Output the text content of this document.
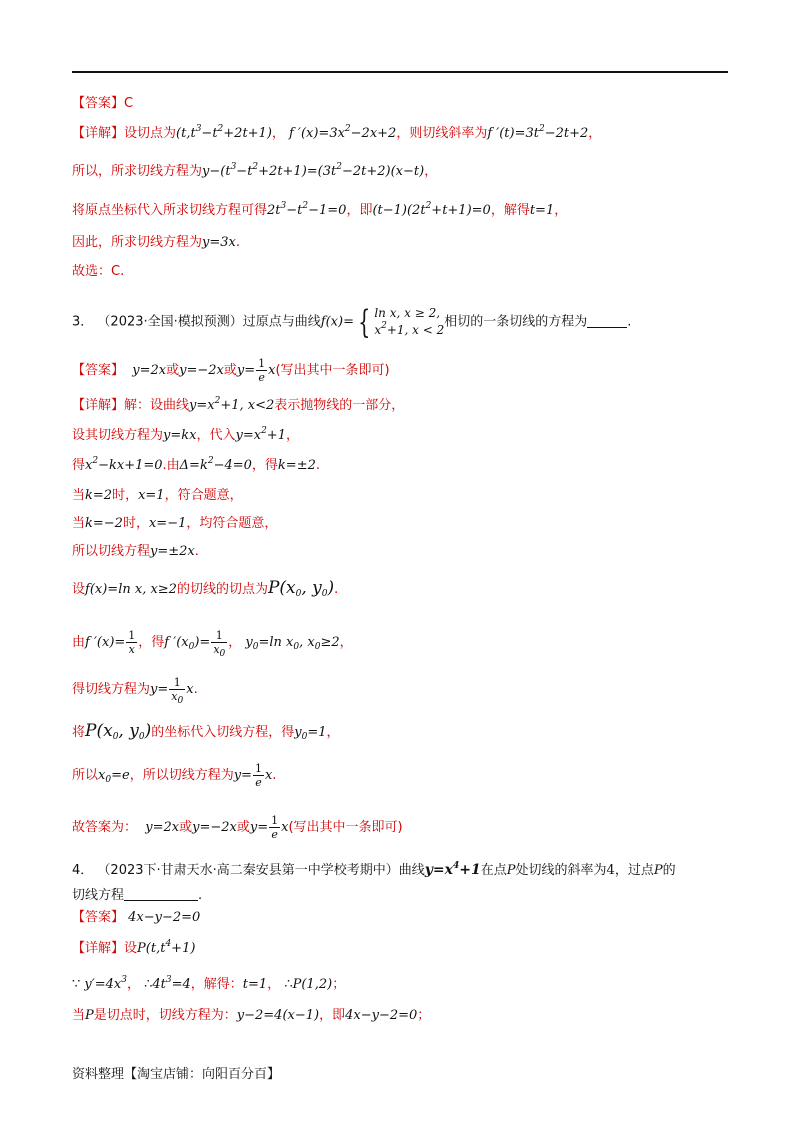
【答案】C
【详解】设切点为$(t,t^3-t^2+2t+1)$， f $'(x)=3x^2-2x+2$，则切线斜率为f $'(t)=3t^2-2t+2$，
所以，所求切线方程为$y-(t^3-t^2+2t+1)=(3t^2-2t+2)(x-t)$，
将原点坐标代入所求切线方程可得$2t^3-t^2-1=0$，即$(t-1)(2t^2+t+1)=0$，解得t=1，
因此，所求切线方程为y=3x.
故选：C.
3． （2023·全国·模拟预测）过原点与曲线f(x)= { ln x, x ≥ 2,
$x^2+1$, x < 2相切的一条切线的方程为	.
【答案】 y=2x或y=−2x或$y= \frac{1}{e} x$(写出其中一条即可)
【详解】解：设曲线$y=x^2+1$, x<2表示抛物线的一部分，
设其切线方程为y=kx，代入$y=x^2+1$，
得$x^2-kx+1=0$.由$\Delta=k^2-4=0$，得k=±2.
当k=2时，x=1，符合题意，
当k=−2时，x=−1，均符合题意，
所以切线方程y=±2x.
设f(x)=ln x, x≥2的切线的切点为$P(x_0$, $y_0$).
由f $'(x)= \frac{1}{x}$ ，得f $'(x_0)= \frac{1}{x_0}$ ， $y_0=\ln$ $x_0$, $x_0\ge 2$，
得切线方程为$y= \frac{1}{x_0} x$.
将$P(x_0$, $y_0$)的坐标代入切线方程，得$y_0=1$，
所以$x_0=e$，所以切线方程为$y= \frac{1}{e} x$.
故答案为： y=2x或y=−2x或$y= \frac{1}{e} x$(写出其中一条即可)
4． （2023下·甘肃天水·高二秦安县第一中学校考期中）曲线$y=x^4+1$在点P处切线的斜率为4，过点P的
切线方程	.
【答案】 4x−y−2=0
【详解】设$P(t,t^4+1)$
∵ $y'=4x^3$， $\therefore 4t^3=4$，解得：t=1， ∴P(1,2)；
当P是切点时，切线方程为：y−2=4(x−1)，即4x−y−2=0；
资料整理【淘宝店铺：向阳百分百】
